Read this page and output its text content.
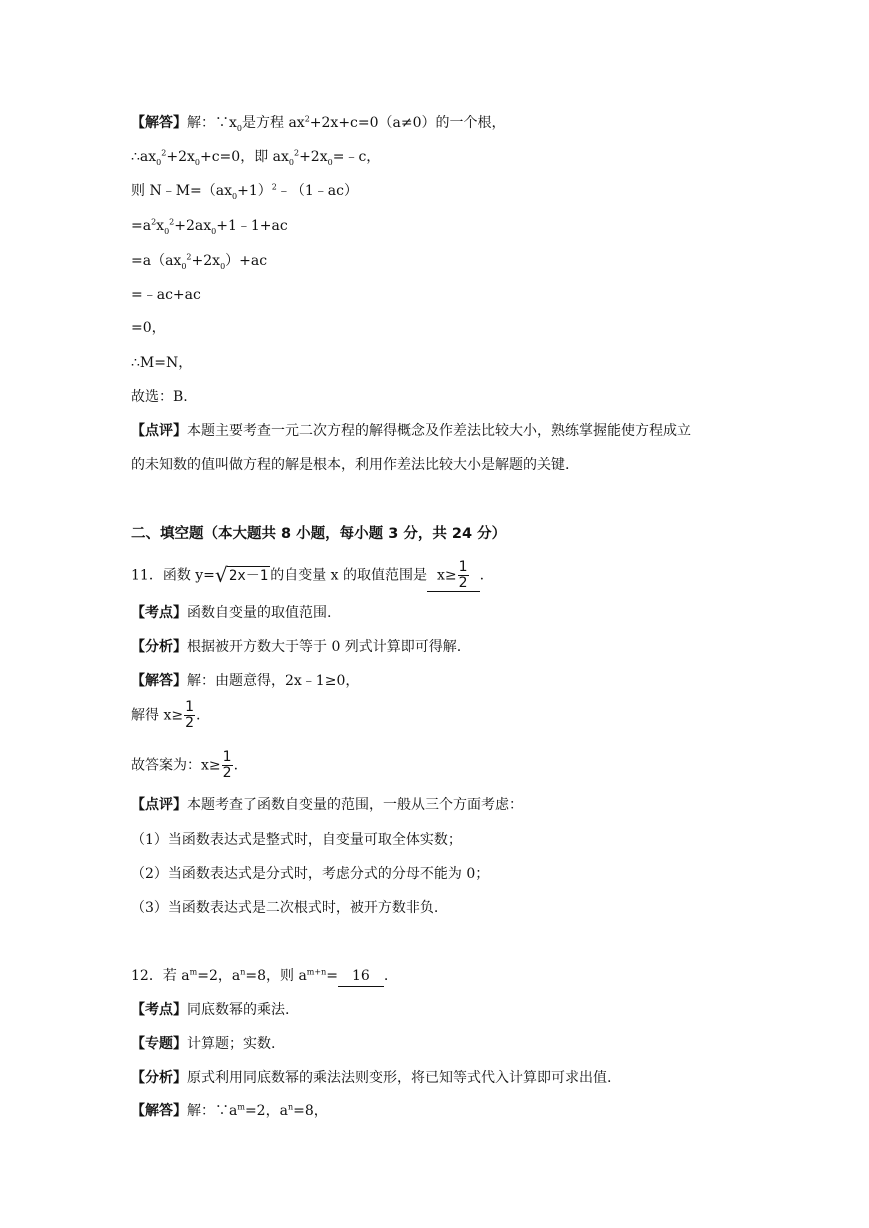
【解答】解：$\because x_0$是方程 $ax^2+2x+c=0(a\ne 0)$的一个根，
$\therefore ax_0^2+2x_0+c=0$，即 $ax_0^2+2x_0=﹣c$，
则 $N﹣M=(ax_0+1)^2﹣(1﹣ac)$
$=a^2x_0^2+2ax_0+1﹣1+ac$
$=a(ax_0^2+2x_0)+ac$
=﹣ac+ac
=0，
∴M=N，
故选：B.
【点评】本题主要考查一元二次方程的解得概念及作差法比较大小，熟练掌握能使方程成立
的未知数的值叫做方程的解是根本，利用作差法比较大小是解题的关键.
二、填空题（本大题共 8 小题，每小题 3 分，共 24 分）
11．函数 y= √ 2x－1 的自变量 x 的取值范围是 $x\ge \frac{1}{2}$ .
【考点】函数自变量的取值范围.
【分析】根据被开方数大于等于 0 列式计算即可得解.
【解答】解：由题意得，2x﹣1≥0，
解得 $x\ge \frac{1}{2}$ .
故答案为：$x\ge \frac{1}{2}$ .
【点评】本题考查了函数自变量的范围，一般从三个方面考虑：
（1）当函数表达式是整式时，自变量可取全体实数；
（2）当函数表达式是分式时，考虑分式的分母不能为 0；
（3）当函数表达式是二次根式时，被开方数非负.
12．若 $a^m=2$，$a^n=8$，则 $a^{m+n}= 16$ .
【考点】同底数幂的乘法.
【专题】计算题；实数.
【分析】原式利用同底数幂的乘法法则变形，将已知等式代入计算即可求出值.
【解答】解：$\because a^m=2$，$a^n=8$，
